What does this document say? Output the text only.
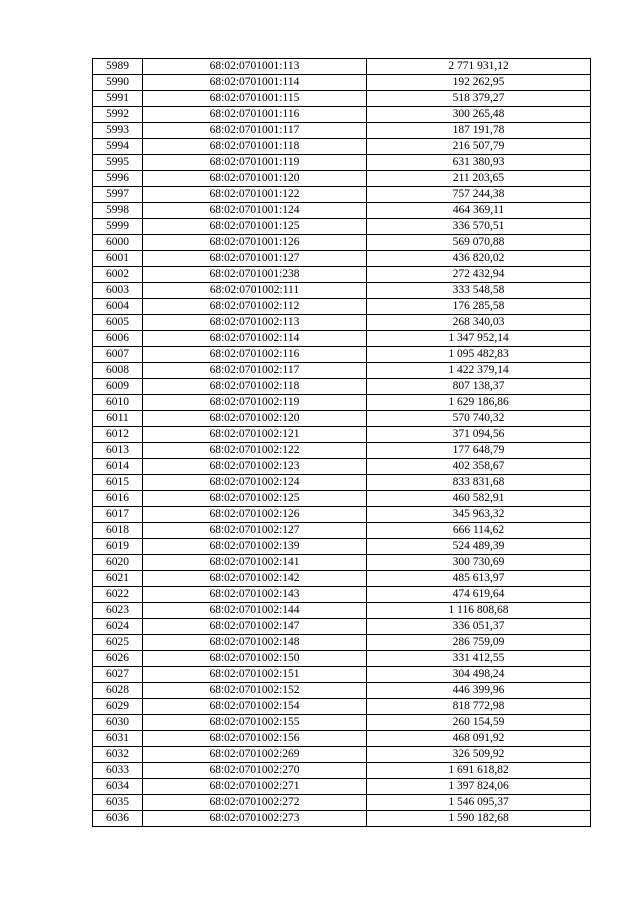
5989	68:02:0701001:113	2 771 931,12
5990	68:02:0701001:114	192 262,95
5991	68:02:0701001:115	518 379,27
5992	68:02:0701001:116	300 265,48
5993	68:02:0701001:117	187 191,78
5994	68:02:0701001:118	216 507,79
5995	68:02:0701001:119	631 380,93
5996	68:02:0701001:120	211 203,65
5997	68:02:0701001:122	757 244,38
5998	68:02:0701001:124	464 369,11
5999	68:02:0701001:125	336 570,51
6000	68:02:0701001:126	569 070,88
6001	68:02:0701001:127	436 820,02
6002	68:02:0701001:238	272 432,94
6003	68:02:0701002:111	333 548,58
6004	68:02:0701002:112	176 285,58
6005	68:02:0701002:113	268 340,03
6006	68:02:0701002:114	1 347 952,14
6007	68:02:0701002:116	1 095 482,83
6008	68:02:0701002:117	1 422 379,14
6009	68:02:0701002:118	807 138,37
6010	68:02:0701002:119	1 629 186,86
6011	68:02:0701002:120	570 740,32
6012	68:02:0701002:121	371 094,56
6013	68:02:0701002:122	177 648,79
6014	68:02:0701002:123	402 358,67
6015	68:02:0701002:124	833 831,68
6016	68:02:0701002:125	460 582,91
6017	68:02:0701002:126	345 963,32
6018	68:02:0701002:127	666 114,62
6019	68:02:0701002:139	524 489,39
6020	68:02:0701002:141	300 730,69
6021	68:02:0701002:142	485 613,97
6022	68:02:0701002:143	474 619,64
6023	68:02:0701002:144	1 116 808,68
6024	68:02:0701002:147	336 051,37
6025	68:02:0701002:148	286 759,09
6026	68:02:0701002:150	331 412,55
6027	68:02:0701002:151	304 498,24
6028	68:02:0701002:152	446 399,96
6029	68:02:0701002:154	818 772,98
6030	68:02:0701002:155	260 154,59
6031	68:02:0701002:156	468 091,92
6032	68:02:0701002:269	326 509,92
6033	68:02:0701002:270	1 691 618,82
6034	68:02:0701002:271	1 397 824,06
6035	68:02:0701002:272	1 546 095,37
6036	68:02:0701002:273	1 590 182,68
